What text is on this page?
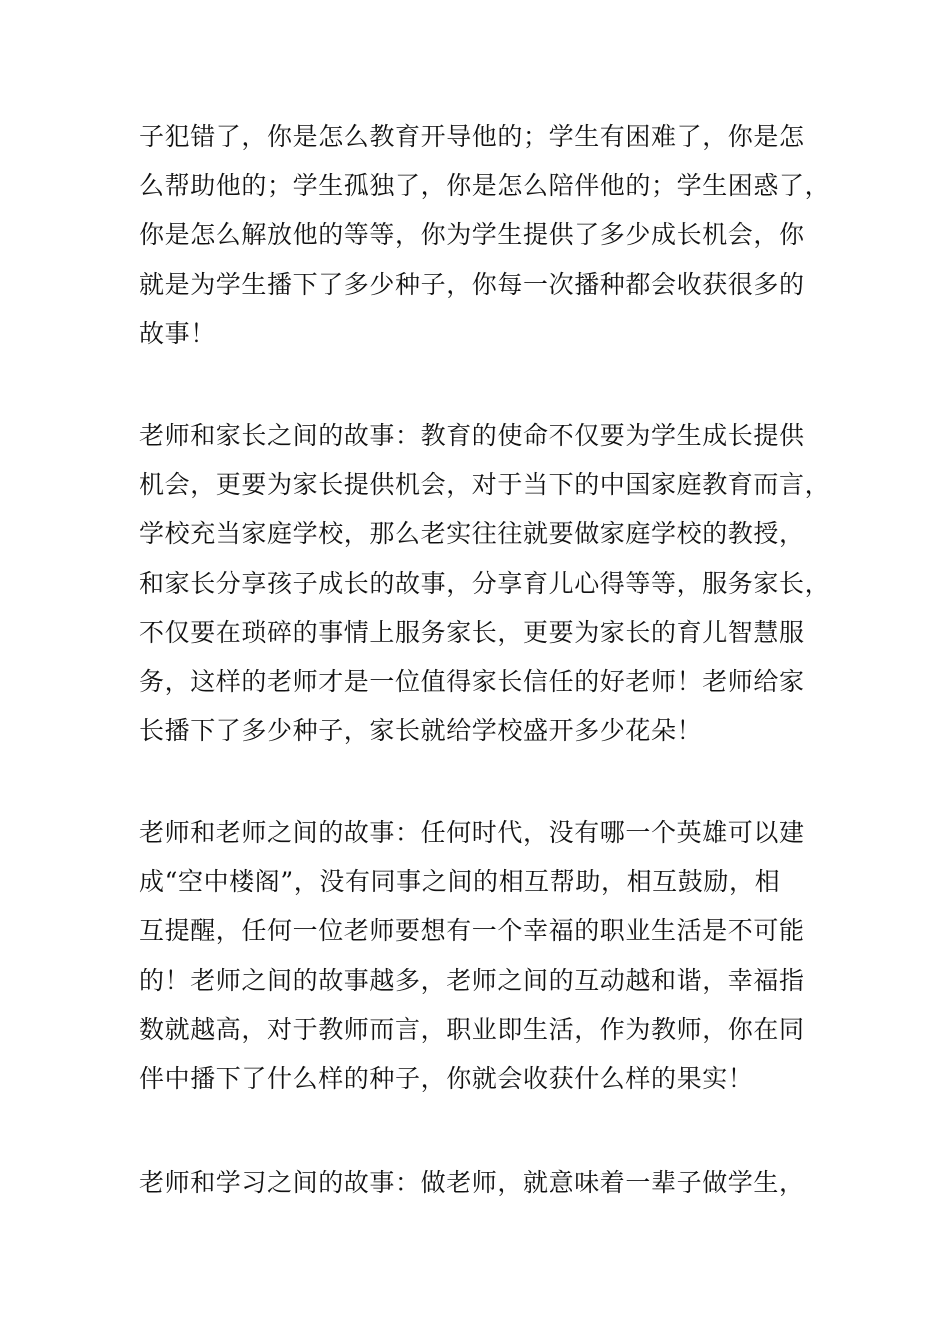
子犯错了，你是怎么教育开导他的；学生有困难了，你是怎
么帮助他的；学生孤独了，你是怎么陪伴他的；学生困惑了，
你是怎么解放他的等等，你为学生提供了多少成长机会，你
就是为学生播下了多少种子，你每一次播种都会收获很多的
故事！
老师和家长之间的故事：教育的使命不仅要为学生成长提供
机会，更要为家长提供机会，对于当下的中国家庭教育而言，
学校充当家庭学校，那么老实往往就要做家庭学校的教授，
和家长分享孩子成长的故事，分享育儿心得等等，服务家长，
不仅要在琐碎的事情上服务家长，更要为家长的育儿智慧服
务，这样的老师才是一位值得家长信任的好老师！老师给家
长播下了多少种子，家长就给学校盛开多少花朵！
老师和老师之间的故事：任何时代，没有哪一个英雄可以建
成“空中楼阁”，没有同事之间的相互帮助，相互鼓励，相
互提醒，任何一位老师要想有一个幸福的职业生活是不可能
的！老师之间的故事越多，老师之间的互动越和谐，幸福指
数就越高，对于教师而言，职业即生活，作为教师，你在同
伴中播下了什么样的种子，你就会收获什么样的果实！
老师和学习之间的故事：做老师，就意味着一辈子做学生，
